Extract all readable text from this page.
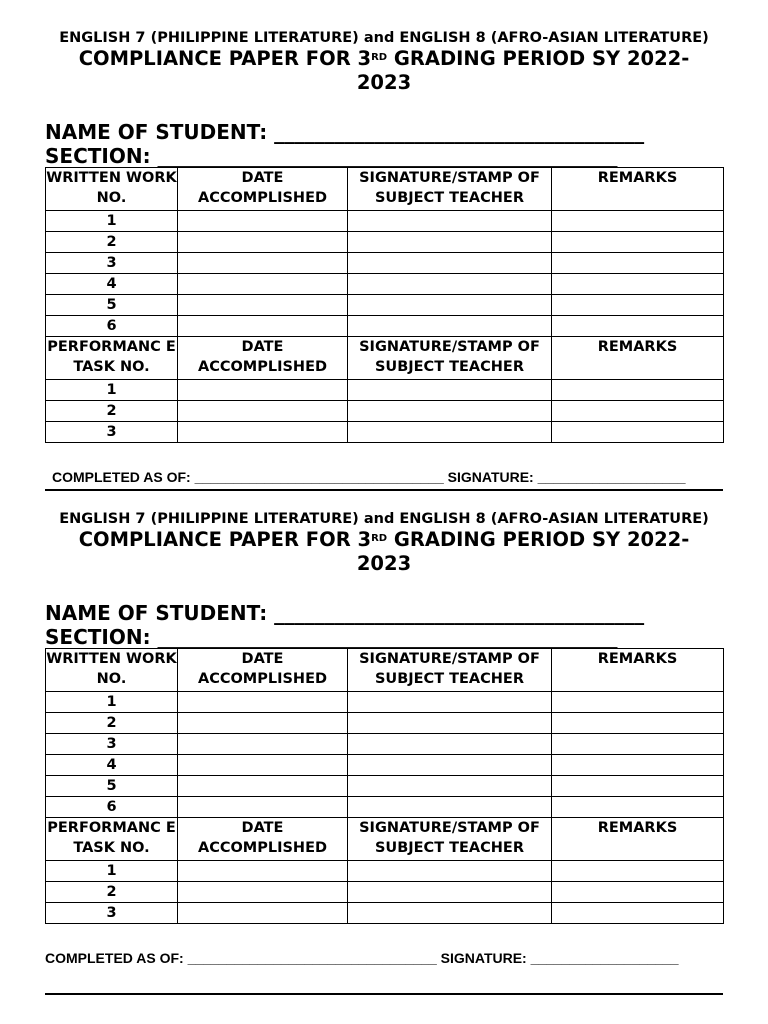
ENGLISH 7 (PHILIPPINE LITERATURE) and ENGLISH 8 (AFRO-ASIAN LITERATURE)
COMPLIANCE PAPER FOR 3RD GRADING PERIOD SY 2022-
2023
NAME OF STUDENT: _____________________________________
SECTION: ______________________________________________
WRITTEN WORK NO.	DATE ACCOMPLISHED	SIGNATURE/STAMP OF SUBJECT TEACHER	REMARKS
1			
2			
3			
4			
5			
6			
PERFORMANC E TASK NO.	DATE ACCOMPLISHED	SIGNATURE/STAMP OF SUBJECT TEACHER	REMARKS
1			
2			
3			
COMPLETED AS OF: ________________________________ SIGNATURE: ___________________
ENGLISH 7 (PHILIPPINE LITERATURE) and ENGLISH 8 (AFRO-ASIAN LITERATURE)
COMPLIANCE PAPER FOR 3RD GRADING PERIOD SY 2022-
2023
NAME OF STUDENT: _____________________________________
SECTION: ______________________________________________
WRITTEN WORK NO.	DATE ACCOMPLISHED	SIGNATURE/STAMP OF SUBJECT TEACHER	REMARKS
1			
2			
3			
4			
5			
6			
PERFORMANC E TASK NO.	DATE ACCOMPLISHED	SIGNATURE/STAMP OF SUBJECT TEACHER	REMARKS
1			
2			
3			
COMPLETED AS OF: ________________________________ SIGNATURE: ___________________
